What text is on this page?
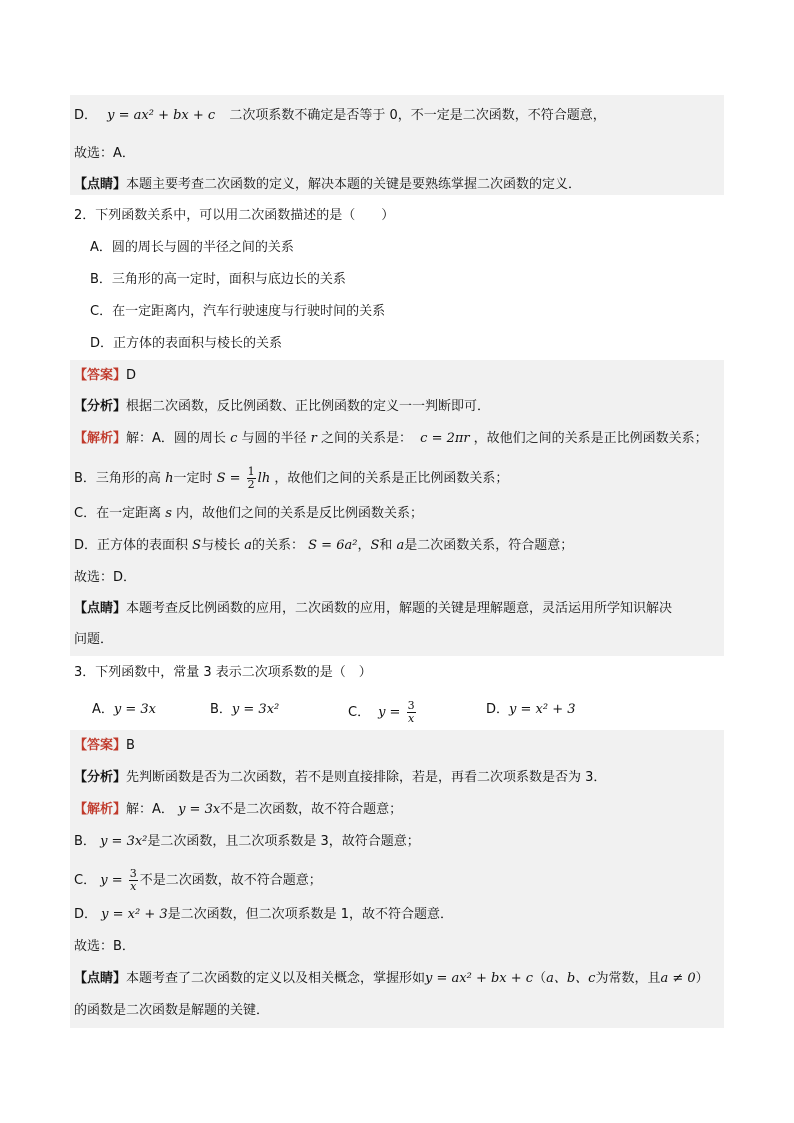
D． y = ax² + bx + c 二次项系数不确定是否等于 0，不一定是二次函数，不符合题意，
故选：A．
【点睛】本题主要考查二次函数的定义，解决本题的关键是要熟练掌握二次函数的定义．
2．下列函数关系中，可以用二次函数描述的是（　　）
A．圆的周长与圆的半径之间的关系
B．三角形的高一定时，面积与底边长的关系
C．在一定距离内，汽车行驶速度与行驶时间的关系
D．正方体的表面积与棱长的关系
【答案】D
【分析】根据二次函数，反比例函数、正比例函数的定义一一判断即可．
【解析】解：A．圆的周长 c 与圆的半径 r 之间的关系是： c = 2πr ，故他们之间的关系是正比例函数关系；
B．三角形的高 h一定时 $S = \frac{1}{2}$ lh ，故他们之间的关系是正比例函数关系；
C．在一定距离 s 内，故他们之间的关系是反比例函数关系；
D．正方体的表面积 S与棱长 a的关系： S = 6a²，S和 a是二次函数关系，符合题意；
故选：D．
【点睛】本题考查反比例函数的应用，二次函数的应用，解题的关键是理解题意，灵活运用所学知识解决
问题．
3．下列函数中，常量 3 表示二次项系数的是（　）
A．y = 3x	B．y = 3x²	C． $y = \frac{3}{x}$	D．y = x² + 3
【答案】B
【分析】先判断函数是否为二次函数，若不是则直接排除，若是，再看二次项系数是否为 3．
【解析】解：A． y = 3x不是二次函数，故不符合题意；
B． y = 3x²是二次函数，且二次项系数是 3，故符合题意；
C． $y = \frac{3}{x}$ 不是二次函数，故不符合题意；
D． y = x² + 3是二次函数，但二次项系数是 1，故不符合题意．
故选：B．
【点睛】本题考查了二次函数的定义以及相关概念，掌握形如y = ax² + bx + c（a、b、c为常数，且a ≠ 0）
的函数是二次函数是解题的关键．
